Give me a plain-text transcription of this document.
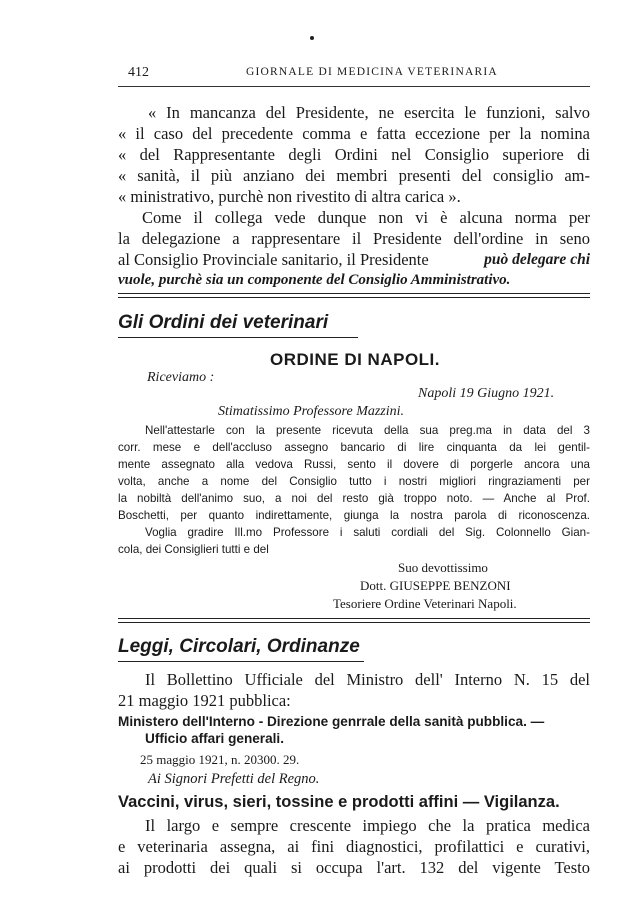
412	GIORNALE DI MEDICINA VETERINARIA
« In mancanza del Presidente, ne esercita le funzioni, salvo
« il caso del precedente comma e fatta eccezione per la nomina
« del Rappresentante degli Ordini nel Consiglio superiore di
« sanità, il più anziano dei membri presenti del consiglio am-
« ministrativo, purchè non rivestito di altra carica ».
Come il collega vede dunque non vi è alcuna norma per
la delegazione a rappresentare il Presidente dell'ordine in seno
al Consiglio Provinciale sanitario, il Presidente	può delegare chi
vuole, purchè sia un componente del Consiglio Amministrativo.
Gli Ordini dei veterinari
ORDINE DI NAPOLI.
Riceviamo :
Napoli 19 Giugno 1921.
Stimatissimo Professore Mazzini.
Nell'attestarle con la presente ricevuta della sua preg.ma in data del 3
corr. mese e dell'accluso assegno bancario di lire cinquanta da lei gentil-
mente assegnato alla vedova Russi, sento il dovere di porgerle ancora una
volta, anche a nome del Consiglio tutto i nostri migliori ringraziamenti per
la nobiltà dell'animo suo, a noi del resto già troppo noto. — Anche al Prof.
Boschetti, per quanto indirettamente, giunga la nostra parola di riconoscenza.
Voglia gradire Ill.mo Professore i saluti cordiali del Sig. Colonnello Gian-
cola, dei Consiglieri tutti e del
Suo devottissimo
Dott. GIUSEPPE BENZONI
Tesoriere Ordine Veterinari Napoli.
Leggi, Circolari, Ordinanze
Il Bollettino Ufficiale del Ministro dell' Interno N. 15 del
21 maggio 1921 pubblica:
Ministero dell'Interno - Direzione genrrale della sanità pubblica. —
Ufficio affari generali.
25 maggio 1921, n. 20300. 29.
Ai Signori Prefetti del Regno.
Vaccini, virus, sieri, tossine e prodotti affini — Vigilanza.
Il largo e sempre crescente impiego che la pratica medica
e veterinaria assegna, ai fini diagnostici, profilattici e curativi,
ai prodotti dei quali si occupa l'art. 132 del vigente Testo
